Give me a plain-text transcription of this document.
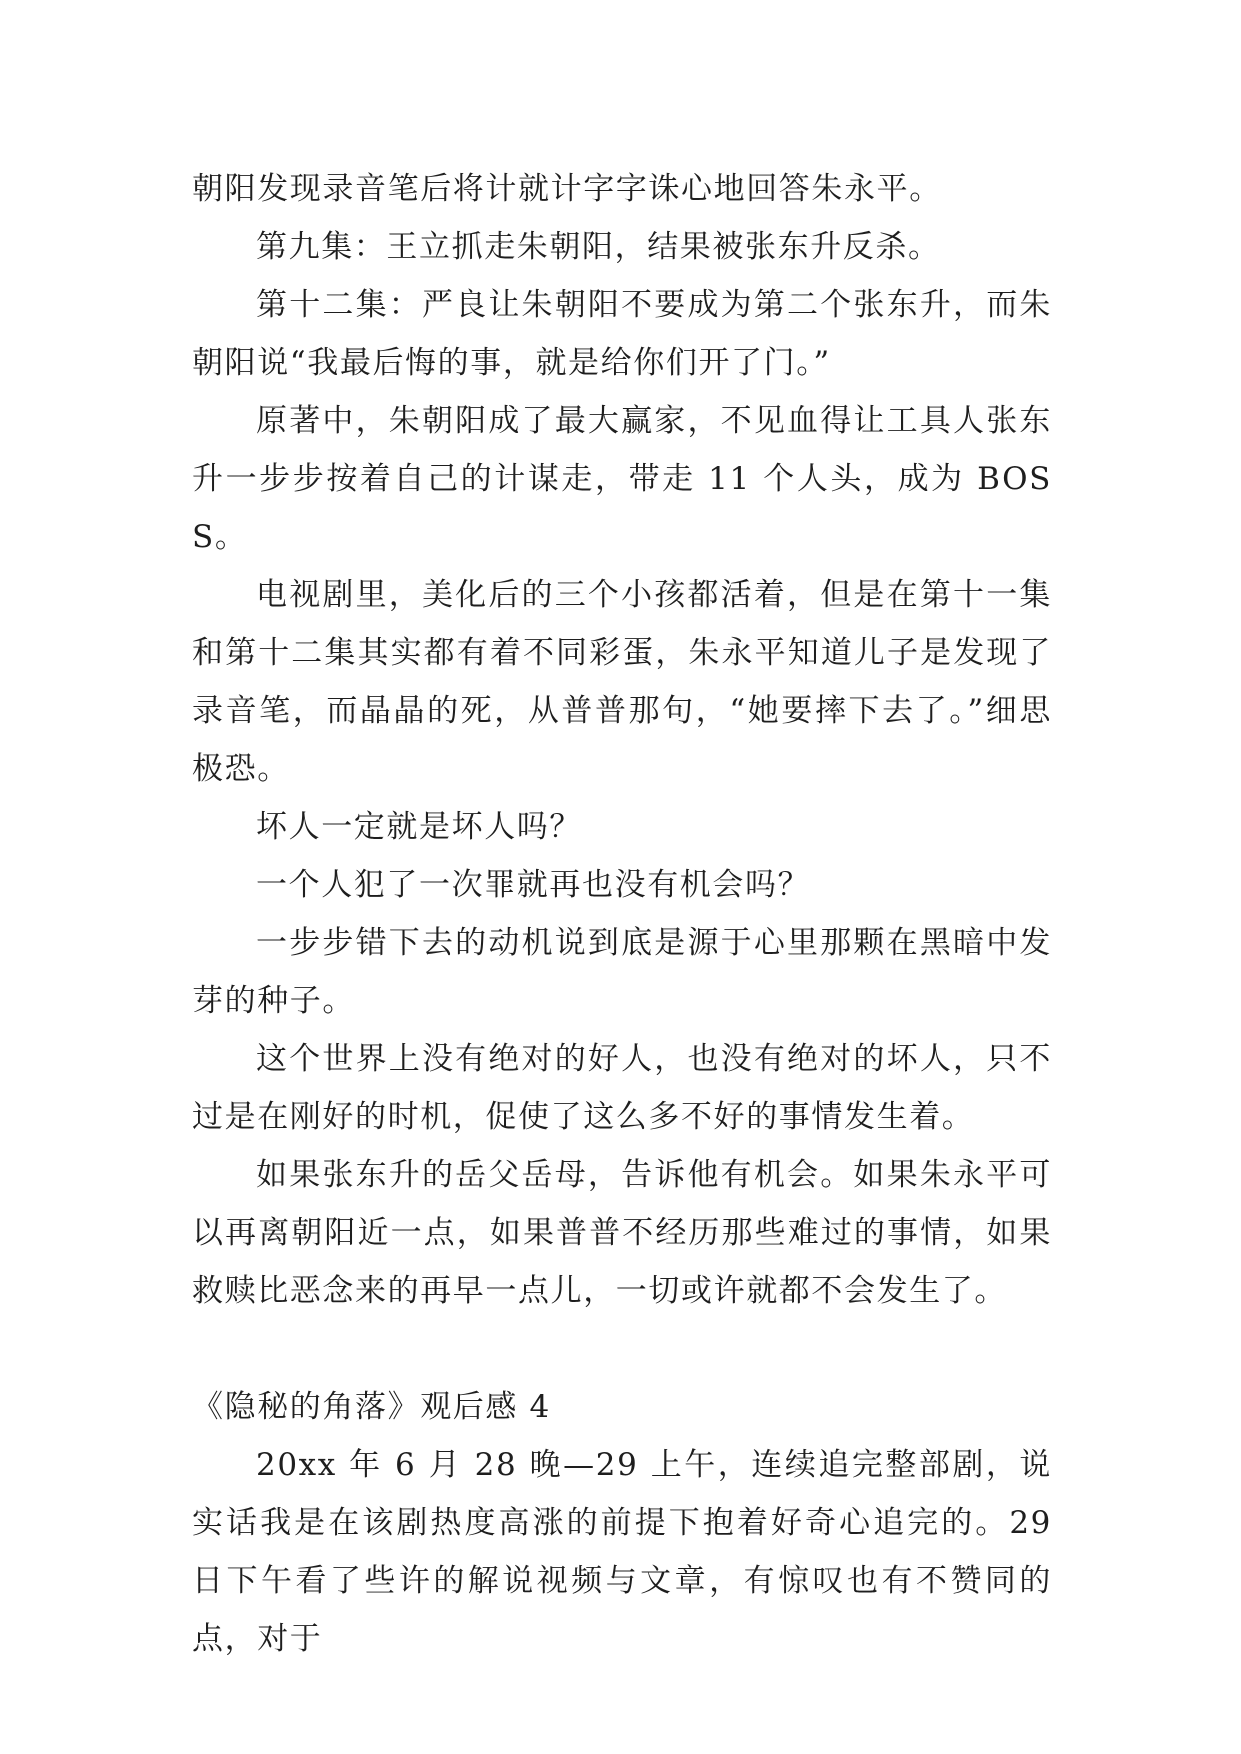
朝阳发现录音笔后将计就计字字诛心地回答朱永平。

第九集：王立抓走朱朝阳，结果被张东升反杀。

第十二集：严良让朱朝阳不要成为第二个张东升，而朱朝阳说“我最后悔的事，就是给你们开了门。”

原著中，朱朝阳成了最大赢家，不见血得让工具人张东升一步步按着自己的计谋走，带走 11 个人头，成为 BOSS。

电视剧里，美化后的三个小孩都活着，但是在第十一集和第十二集其实都有着不同彩蛋，朱永平知道儿子是发现了录音笔，而晶晶的死，从普普那句，“她要摔下去了。”细思极恐。

坏人一定就是坏人吗？

一个人犯了一次罪就再也没有机会吗？

一步步错下去的动机说到底是源于心里那颗在黑暗中发芽的种子。

这个世界上没有绝对的好人，也没有绝对的坏人，只不过是在刚好的时机，促使了这么多不好的事情发生着。

如果张东升的岳父岳母，告诉他有机会。如果朱永平可以再离朝阳近一点，如果普普不经历那些难过的事情，如果救赎比恶念来的再早一点儿，一切或许就都不会发生了。

《隐秘的角落》观后感 4

20xx 年 6 月 28 晚—29 上午，连续追完整部剧，说实话我是在该剧热度高涨的前提下抱着好奇心追完的。29 日下午看了些许的解说视频与文章，有惊叹也有不赞同的点，对于
